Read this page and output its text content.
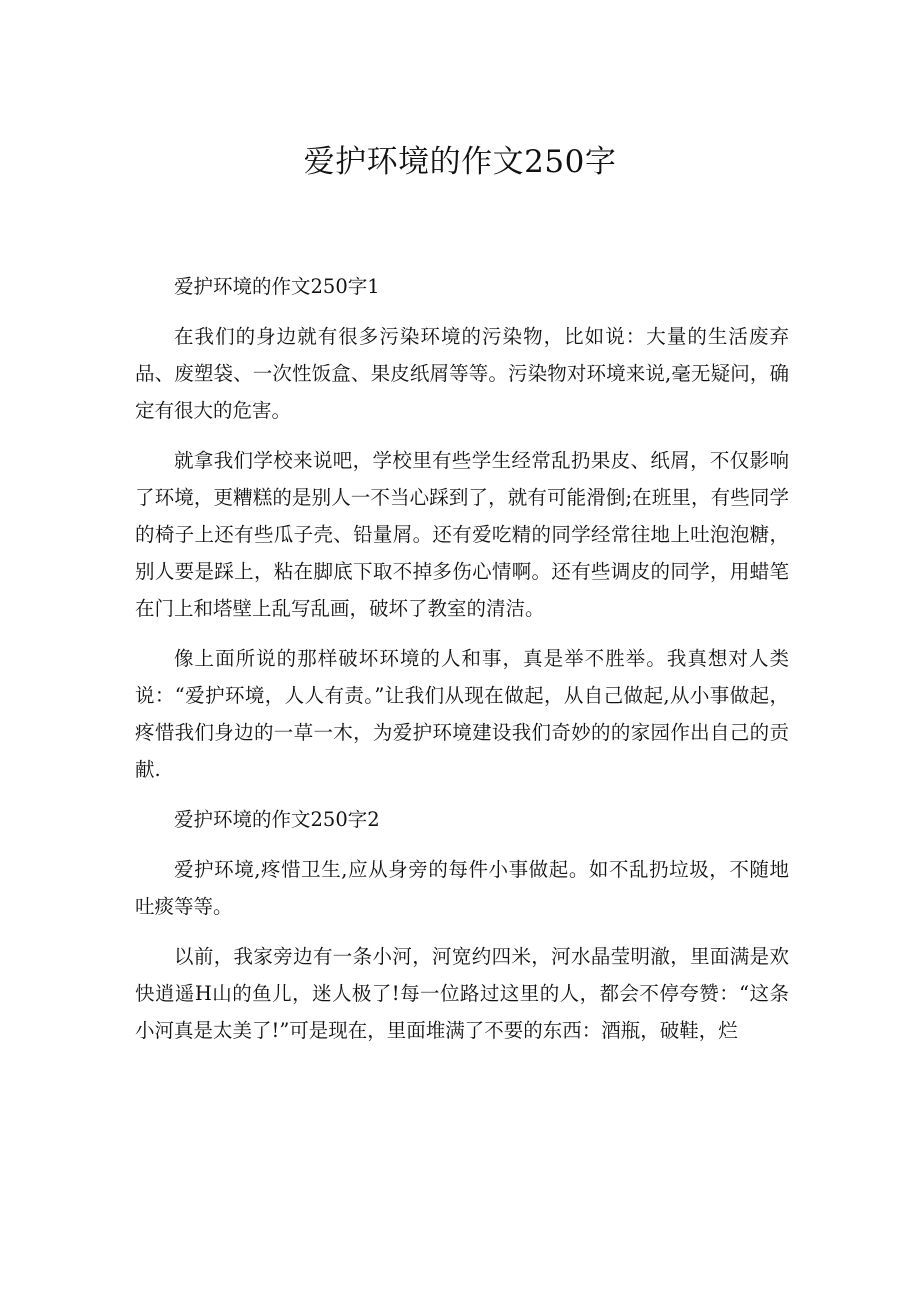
爱护环境的作文250字

爱护环境的作文250字1

在我们的身边就有很多污染环境的污染物，比如说：大量的生活废弃品、废塑袋、一次性饭盒、果皮纸屑等等。污染物对环境来说,毫无疑问，确定有很大的危害。

就拿我们学校来说吧，学校里有些学生经常乱扔果皮、纸屑，不仅影响了环境，更糟糕的是别人一不当心踩到了，就有可能滑倒;在班里，有些同学的椅子上还有些瓜子壳、铅量屑。还有爱吃精的同学经常往地上吐泡泡糖，别人要是踩上，粘在脚底下取不掉多伤心情啊。还有些调皮的同学，用蜡笔在门上和塔壁上乱写乱画，破坏了教室的清洁。

像上面所说的那样破坏环境的人和事，真是举不胜举。我真想对人类说：“爱护环境，人人有责。”让我们从现在做起，从自己做起,从小事做起，疼惜我们身边的一草一木，为爱护环境建设我们奇妙的的家园作出自己的贡献.

爱护环境的作文250字2

爱护环境,疼惜卫生,应从身旁的每件小事做起。如不乱扔垃圾，不随地吐痰等等。

以前，我家旁边有一条小河，河宽约四米，河水晶莹明澈，里面满是欢快逍遥H山的鱼儿，迷人极了!每一位路过这里的人，都会不停夸赞：“这条小河真是太美了!”可是现在，里面堆满了不要的东西：酒瓶，破鞋，烂
